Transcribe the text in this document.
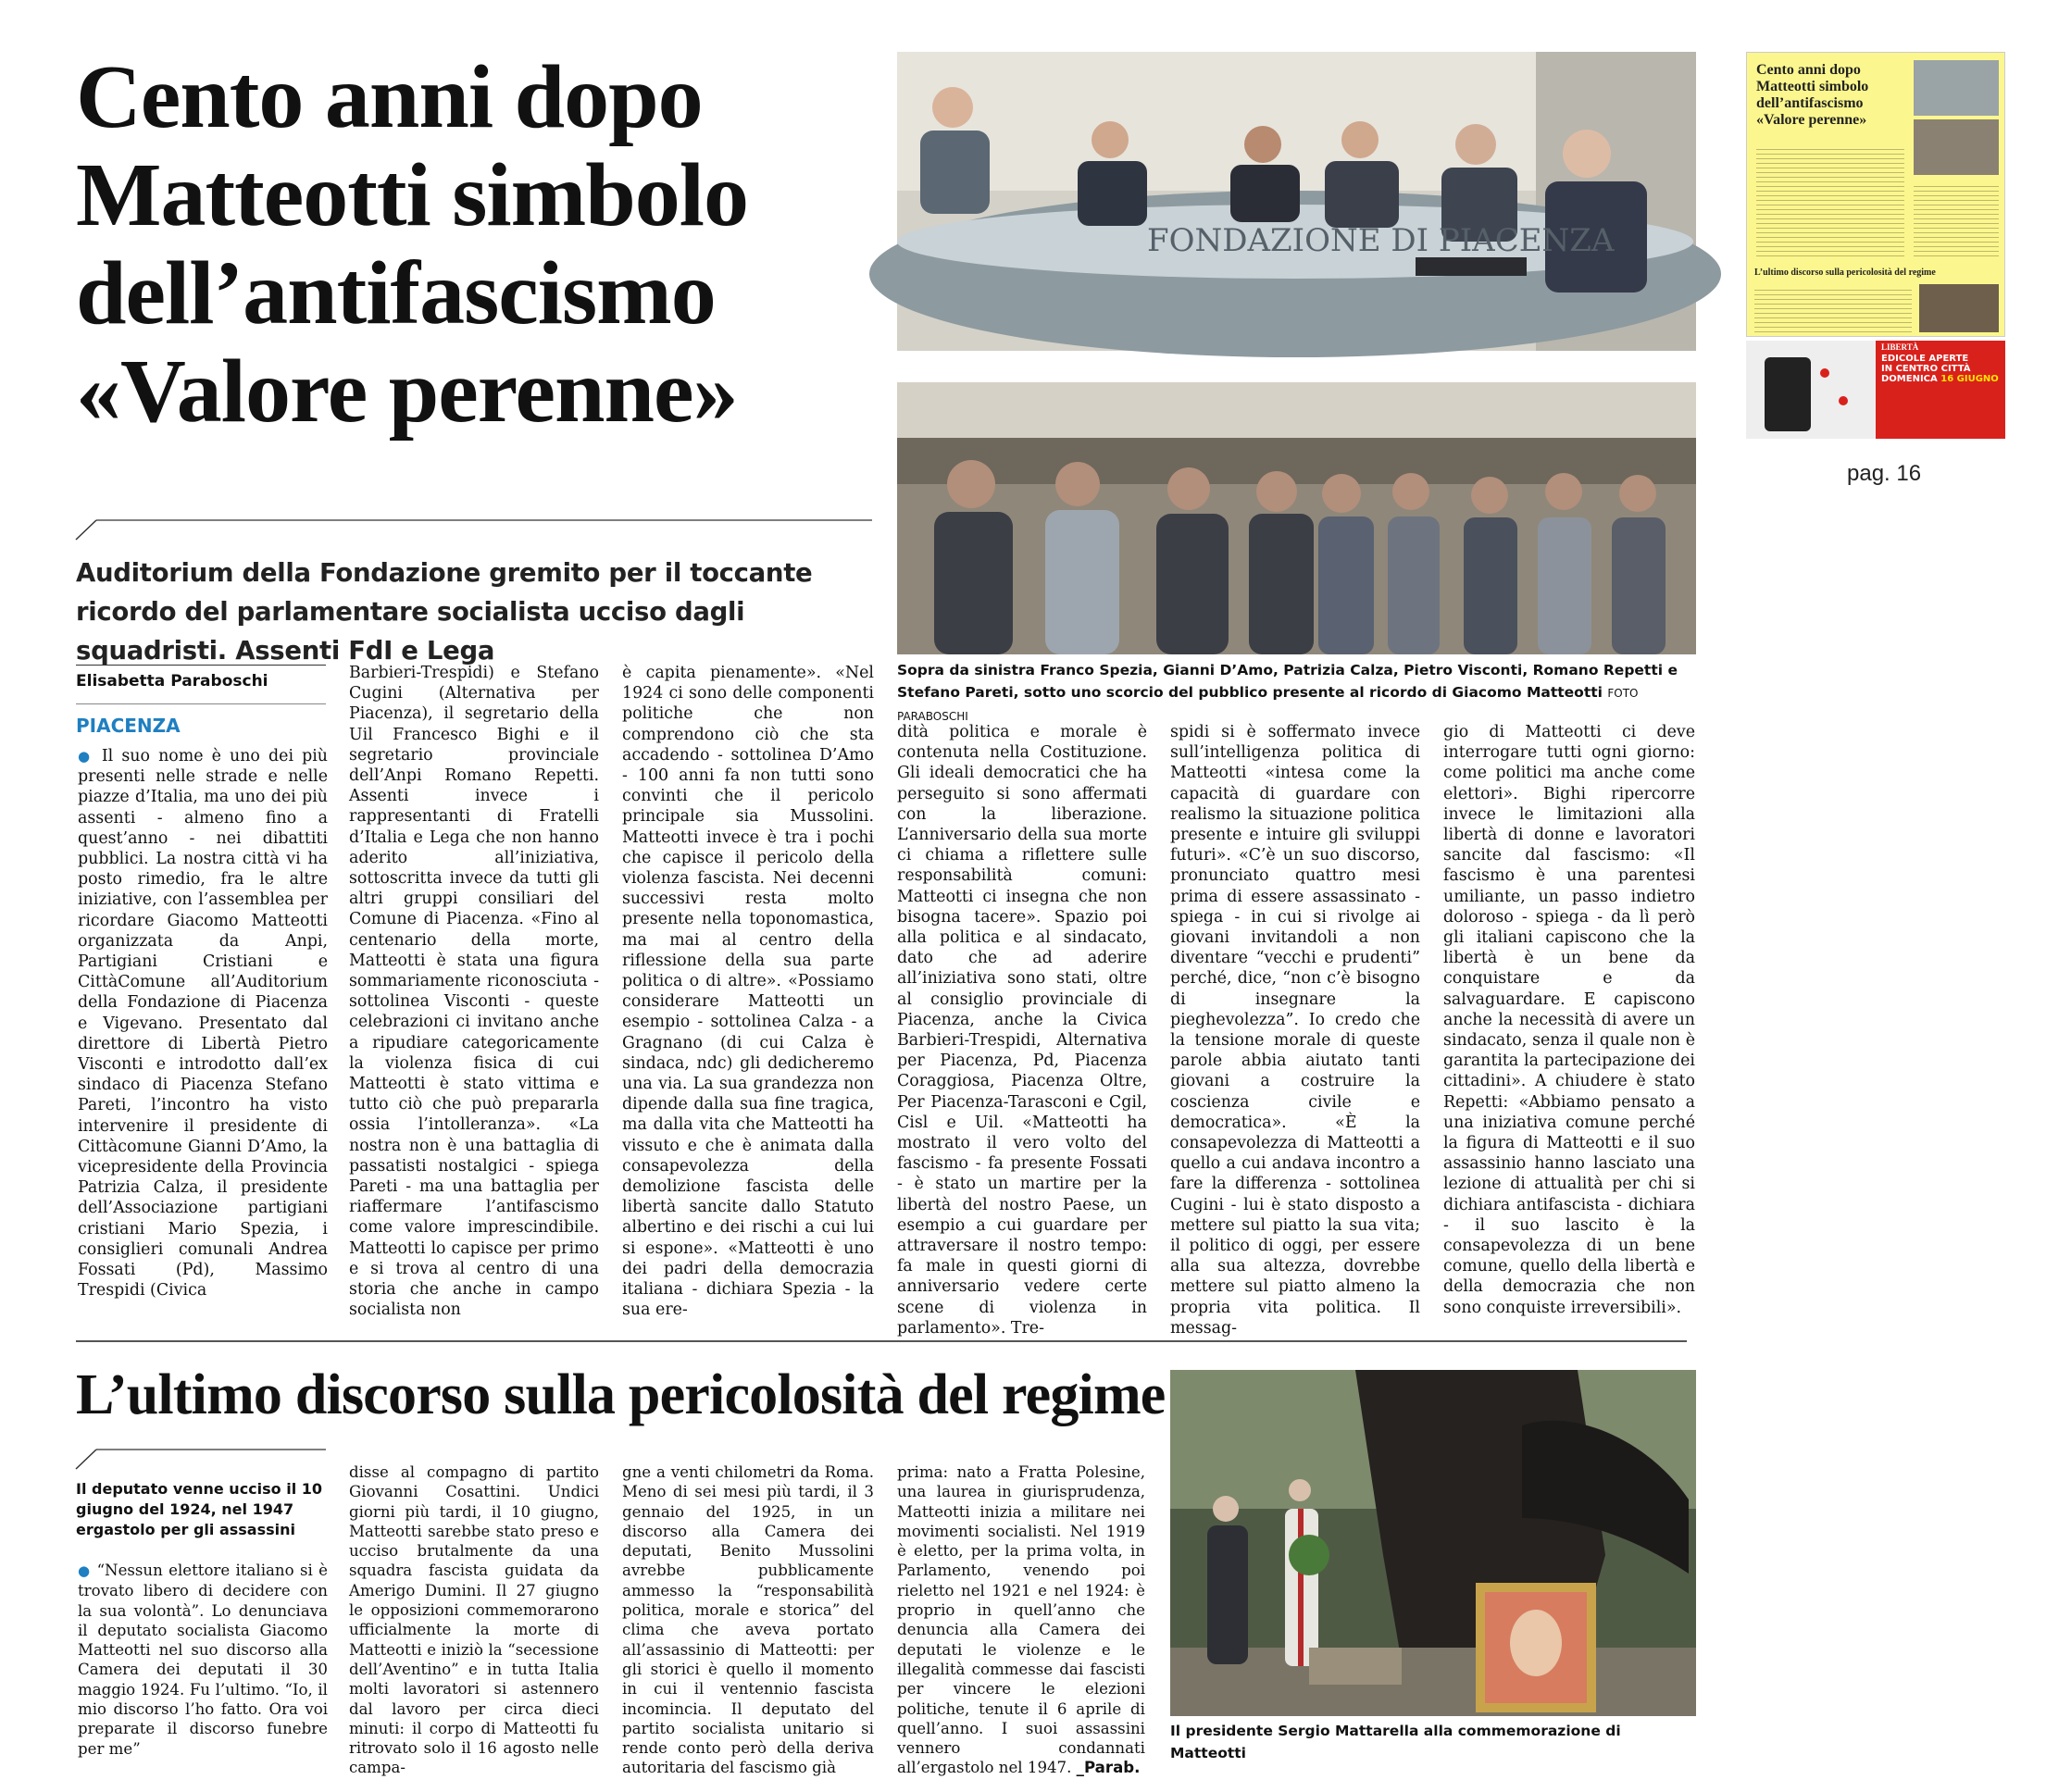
Cento anni dopo
Matteotti simbolo
dell’antifascismo
«Valore perenne»
Auditorium della Fondazione gremito per il toccante ricordo del parlamentare socialista ucciso dagli squadristi. Assenti FdI e Lega
FONDAZIONE DI PIACENZA
Sopra da sinistra Franco Spezia, Gianni D’Amo, Patrizia Calza, Pietro Visconti, Romano Repetti e Stefano Pareti, sotto uno scorcio del pubblico presente al ricordo di Giacomo Matteotti FOTO PARABOSCHI
Elisabetta Paraboschi
PIACENZA
● Il suo nome è uno dei più presenti nelle strade e nelle piazze d’Italia, ma uno dei più assenti - almeno fino a quest’anno - nei dibattiti pubblici. La nostra città vi ha posto rimedio, fra le altre iniziative, con l’assemblea per ricordare Giacomo Matteotti organizzata da Anpi, Partigiani Cristiani e CittàComune all’Auditorium della Fondazione di Piacenza e Vigevano. Presentato dal direttore di Libertà Pietro Visconti e introdotto dall’ex sindaco di Piacenza Stefano Pareti, l’incontro ha visto intervenire il presidente di Cittàcomune Gianni D’Amo, la vicepresidente della Provincia Patrizia Calza, il presidente dell’Associazione partigiani cristiani Mario Spezia, i consiglieri comunali Andrea Fossati (Pd), Massimo Trespidi (Civica
Barbieri-Trespidi) e Stefano Cugini (Alternativa per Piacenza), il segretario della Uil Francesco Bighi e il segretario provinciale dell’Anpi Romano Repetti. Assenti invece i rappresentanti di Fratelli d’Italia e Lega che non hanno aderito all’iniziativa, sottoscritta invece da tutti gli altri gruppi consiliari del Comune di Piacenza. «Fino al centenario della morte, Matteotti è stata una figura sommariamente riconosciuta - sottolinea Visconti - queste celebrazioni ci invitano anche a ripudiare categoricamente la violenza fisica di cui Matteotti è stato vittima e tutto ciò che può prepararla ossia l’intolleranza». «La nostra non è una battaglia di passatisti nostalgici - spiega Pareti - ma una battaglia per riaffermare l’antifascismo come valore imprescindibile. Matteotti lo capisce per primo e si trova al centro di una storia che anche in campo socialista non
è capita pienamente». «Nel 1924 ci sono delle componenti politiche che non comprendono ciò che sta accadendo - sottolinea D’Amo - 100 anni fa non tutti sono convinti che il pericolo principale sia Mussolini. Matteotti invece è tra i pochi che capisce il pericolo della violenza fascista. Nei decenni successivi resta molto presente nella toponomastica, ma mai al centro della riflessione della sua parte politica o di altre». «Possiamo considerare Matteotti un esempio - sottolinea Calza - a Gragnano (di cui Calza è sindaca, ndc) gli dedicheremo una via. La sua grandezza non dipende dalla sua fine tragica, ma dalla vita che Matteotti ha vissuto e che è animata dalla consapevolezza della demolizione fascista delle libertà sancite dallo Statuto albertino e dei rischi a cui lui si espone». «Matteotti è uno dei padri della democrazia italiana - dichiara Spezia - la sua ere-
dità politica e morale è contenuta nella Costituzione. Gli ideali democratici che ha perseguito si sono affermati con la liberazione. L’anniversario della sua morte ci chiama a riflettere sulle responsabilità comuni: Matteotti ci insegna che non bisogna tacere». Spazio poi alla politica e al sindacato, dato che ad aderire all’iniziativa sono stati, oltre al consiglio provinciale di Piacenza, anche la Civica Barbieri-Trespidi, Alternativa per Piacenza, Pd, Piacenza Coraggiosa, Piacenza Oltre, Per Piacenza-Tarasconi e Cgil, Cisl e Uil. «Matteotti ha mostrato il vero volto del fascismo - fa presente Fossati - è stato un martire per la libertà del nostro Paese, un esempio a cui guardare per attraversare il nostro tempo: fa male in questi giorni di anniversario vedere certe scene di violenza in parlamento». Tre-
spidi si è soffermato invece sull’intelligenza politica di Matteotti «intesa come la capacità di guardare con realismo la situazione politica presente e intuire gli sviluppi futuri». «C’è un suo discorso, pronunciato quattro mesi prima di essere assassinato - spiega - in cui si rivolge ai giovani invitandoli a non diventare “vecchi e prudenti” perché, dice, “non c’è bisogno di insegnare la pieghevolezza”. Io credo che la tensione morale di queste parole abbia aiutato tanti giovani a costruire la coscienza civile e democratica». «È la consapevolezza di Matteotti a quello a cui andava incontro a fare la differenza - sottolinea Cugini - lui è stato disposto a mettere sul piatto la sua vita; il politico di oggi, per essere alla sua altezza, dovrebbe mettere sul piatto almeno la propria vita politica. Il messag-
gio di Matteotti ci deve interrogare tutti ogni giorno: come politici ma anche come elettori». Bighi ripercorre invece le limitazioni alla libertà di donne e lavoratori sancite dal fascismo: «Il fascismo è una parentesi umiliante, un passo indietro doloroso - spiega - da lì però gli italiani capiscono che la libertà è un bene da conquistare e da salvaguardare. E capiscono anche la necessità di avere un sindacato, senza il quale non è garantita la partecipazione dei cittadini». A chiudere è stato Repetti: «Abbiamo pensato a una iniziativa comune perché la figura di Matteotti e il suo assassinio hanno lasciato una lezione di attualità per chi si dichiara antifascista - dichiara - il suo lascito è la consapevolezza di un bene comune, quello della libertà e della democrazia che non sono conquiste irreversibili».
L’ultimo discorso sulla pericolosità del regime
Il deputato venne ucciso il 10 giugno del 1924, nel 1947 ergastolo per gli assassini
● “Nessun elettore italiano si è trovato libero di decidere con la sua volontà”. Lo denunciava il deputato socialista Giacomo Matteotti nel suo discorso alla Camera dei deputati il 30 maggio 1924. Fu l’ultimo. “Io, il mio discorso l’ho fatto. Ora voi preparate il discorso funebre per me”
disse al compagno di partito Giovanni Cosattini. Undici giorni più tardi, il 10 giugno, Matteotti sarebbe stato preso e ucciso brutalmente da una squadra fascista guidata da Amerigo Dumini. Il 27 giugno le opposizioni commemorarono ufficialmente la morte di Matteotti e iniziò la “secessione dell’Aventino” e in tutta Italia molti lavoratori si astennero dal lavoro per circa dieci minuti: il corpo di Matteotti fu ritrovato solo il 16 agosto nelle campa-
gne a venti chilometri da Roma. Meno di sei mesi più tardi, il 3 gennaio del 1925, in un discorso alla Camera dei deputati, Benito Mussolini avrebbe pubblicamente ammesso la “responsabilità politica, morale e storica” del clima che aveva portato all’assassinio di Matteotti: per gli storici è quello il momento in cui il ventennio fascista incomincia. Il deputato del partito socialista unitario si rende conto però della deriva autoritaria del fascismo già
prima: nato a Fratta Polesine, una laurea in giurisprudenza, Matteotti inizia a militare nei movimenti socialisti. Nel 1919 è eletto, per la prima volta, in Parlamento, venendo poi rieletto nel 1921 e nel 1924: è proprio in quell’anno che denuncia alla Camera dei deputati le violenze e le illegalità commesse dai fascisti per vincere le elezioni politiche, tenute il 6 aprile di quell’anno. I suoi assassini vennero condannati all’ergastolo nel 1947. _Parab.
Il presidente Sergio Mattarella alla commemorazione di Matteotti
Cento anni dopo
Matteotti simbolo
dell’antifascismo
«Valore perenne»
L’ultimo discorso sulla pericolosità del regime
LIBERTÀ
EDICOLE APERTE
IN CENTRO CITTÀ
DOMENICA 16 GIUGNO
pag. 16
